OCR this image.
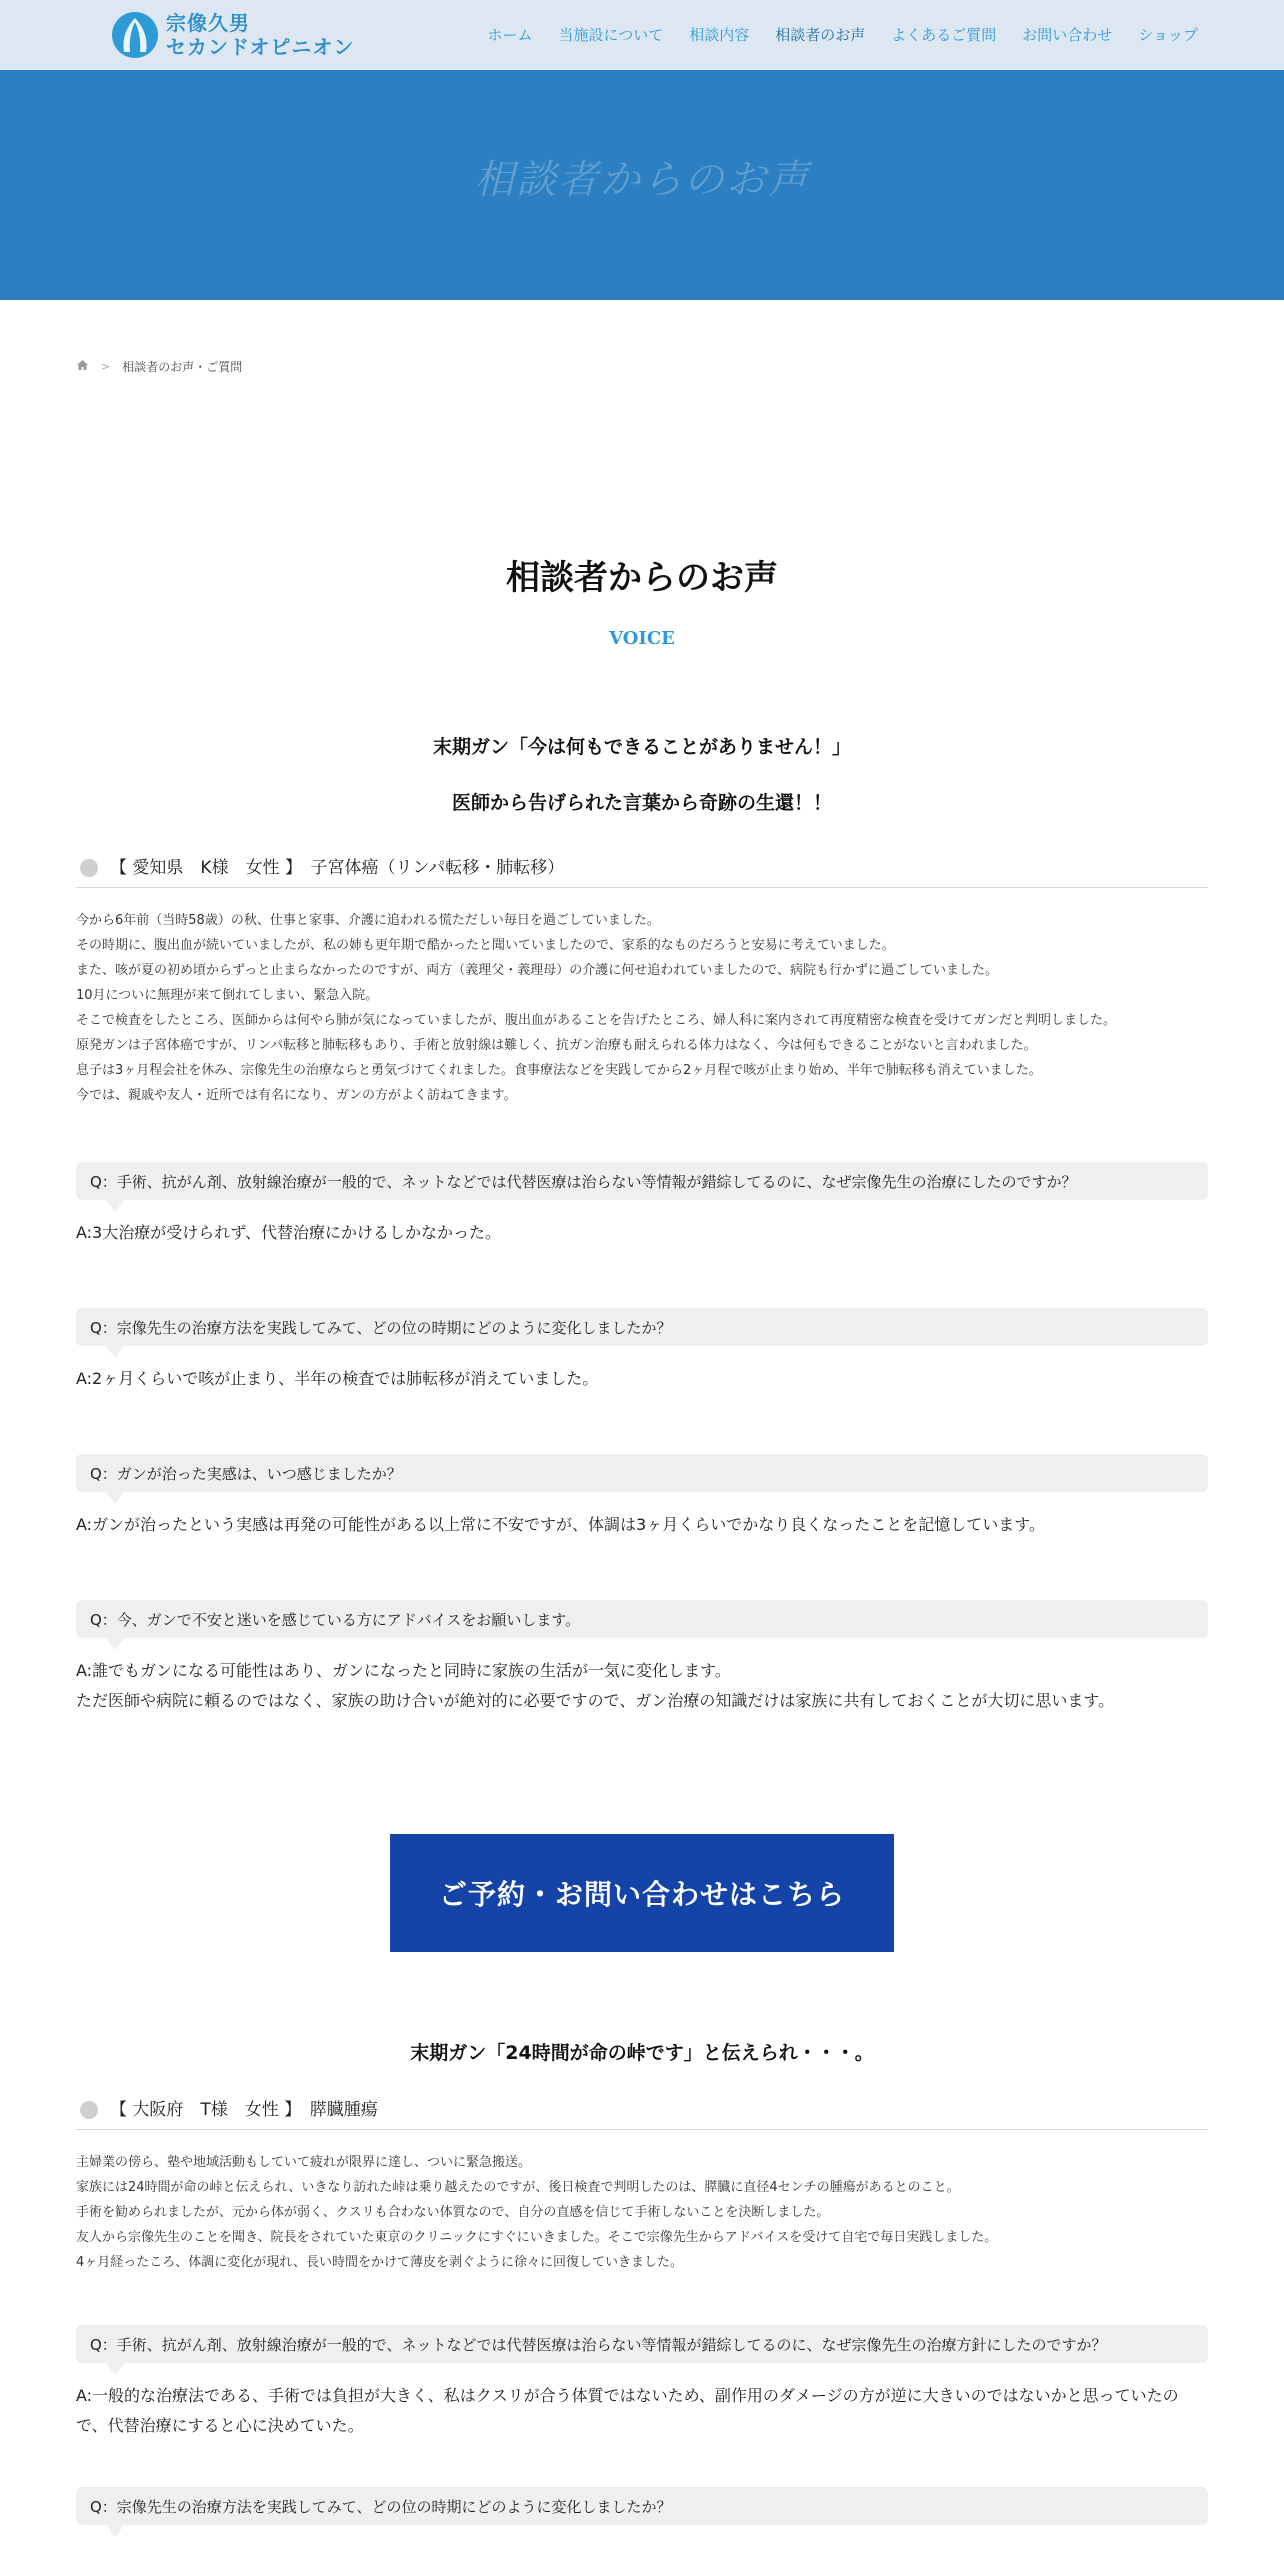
宗像久男
セカンドオピニオン	ホーム 当施設について 相談内容 相談者のお声 よくあるご質問 お問い合わせ ショップ
相談者からのお声
> 相談者のお声・ご質問
相談者からのお声
VOICE
末期ガン「今は何もできることがありません！」
医師から告げられた言葉から奇跡の生還！！
【 愛知県　K様　女性 】　子宮体癌（リンパ転移・肺転移）
今から6年前（当時58歳）の秋、仕事と家事、介護に追われる慌ただしい毎日を過ごしていました。
その時期に、腹出血が続いていましたが、私の姉も更年期で酷かったと聞いていましたので、家系的なものだろうと安易に考えていました。
また、咳が夏の初め頃からずっと止まらなかったのですが、両方（義理父・義理母）の介護に何せ追われていましたので、病院も行かずに過ごしていました。
10月についに無理が来て倒れてしまい、緊急入院。
そこで検査をしたところ、医師からは何やら肺が気になっていましたが、腹出血があることを告げたところ、婦人科に案内されて再度精密な検査を受けてガンだと判明しました。
原発ガンは子宮体癌ですが、リンパ転移と肺転移もあり、手術と放射線は難しく、抗ガン治療も耐えられる体力はなく、今は何もできることがないと言われました。
息子は3ヶ月程会社を休み、宗像先生の治療ならと勇気づけてくれました。食事療法などを実践してから2ヶ月程で咳が止まり始め、半年で肺転移も消えていました。
今では、親戚や友人・近所では有名になり、ガンの方がよく訪ねてきます。
Q：手術、抗がん剤、放射線治療が一般的で、ネットなどでは代替医療は治らない等情報が錯綜してるのに、なぜ宗像先生の治療にしたのですか？
A:3大治療が受けられず、代替治療にかけるしかなかった。
Q：宗像先生の治療方法を実践してみて、どの位の時期にどのように変化しましたか？
A:2ヶ月くらいで咳が止まり、半年の検査では肺転移が消えていました。
Q：ガンが治った実感は、いつ感じましたか？
A:ガンが治ったという実感は再発の可能性がある以上常に不安ですが、体調は3ヶ月くらいでかなり良くなったことを記憶しています。
Q：今、ガンで不安と迷いを感じている方にアドバイスをお願いします。
A:誰でもガンになる可能性はあり、ガンになったと同時に家族の生活が一気に変化します。
ただ医師や病院に頼るのではなく、家族の助け合いが絶対的に必要ですので、ガン治療の知識だけは家族に共有しておくことが大切に思います。
ご予約・お問い合わせはこちら
末期ガン「24時間が命の峠です」と伝えられ・・・。
【 大阪府　T様　女性 】　膵臓腫瘍
主婦業の傍ら、塾や地域活動もしていて疲れが限界に達し、ついに緊急搬送。
家族には24時間が命の峠と伝えられ、いきなり訪れた峠は乗り越えたのですが、後日検査で判明したのは、膵臓に直径4センチの腫瘍があるとのこと。
手術を勧められましたが、元から体が弱く、クスリも合わない体質なので、自分の直感を信じて手術しないことを決断しました。
友人から宗像先生のことを聞き、院長をされていた東京のクリニックにすぐにいきました。そこで宗像先生からアドバイスを受けて自宅で毎日実践しました。
4ヶ月経ったころ、体調に変化が現れ、長い時間をかけて薄皮を剥ぐように徐々に回復していきました。
Q：手術、抗がん剤、放射線治療が一般的で、ネットなどでは代替医療は治らない等情報が錯綜してるのに、なぜ宗像先生の治療方針にしたのですか？
A:一般的な治療法である、手術では負担が大きく、私はクスリが合う体質ではないため、副作用のダメージの方が逆に大きいのではないかと思っていたので、代替治療にすると心に決めていた。
Q：宗像先生の治療方法を実践してみて、どの位の時期にどのように変化しましたか？
